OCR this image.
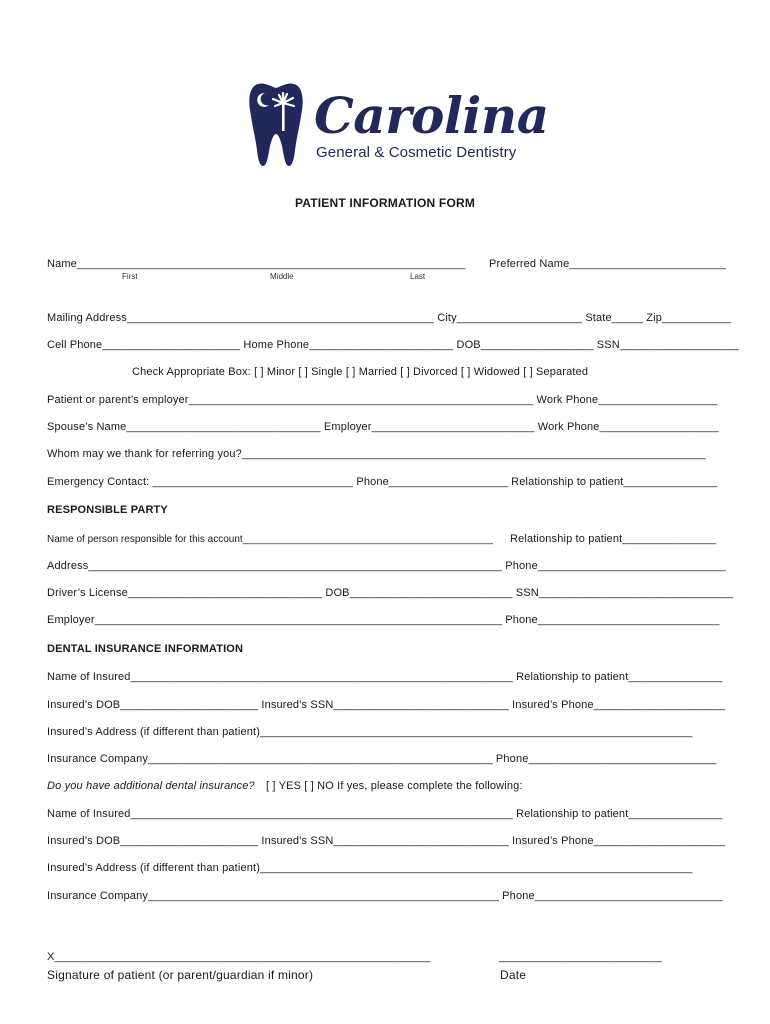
Carolina
General & Cosmetic Dentistry
PATIENT INFORMATION FORM
Name______________________________________________________________ Preferred Name_________________________
First	Middle	Last
Mailing Address_________________________________________________ City____________________ State_____ Zip___________
Cell Phone______________________ Home Phone_______________________ DOB__________________ SSN___________________
Check Appropriate Box: [ ] Minor [ ] Single [ ] Married [ ] Divorced [ ] Widowed [ ] Separated
Patient or parent’s employer_______________________________________________________ Work Phone___________________
Spouse’s Name_______________________________ Employer__________________________ Work Phone___________________
Whom may we thank for referring you?__________________________________________________________________________
Emergency Contact: ________________________________ Phone___________________ Relationship to patient_______________
RESPONSIBLE PARTY
Name of person responsible for this account_____________________________________________ Relationship to patient_______________
Address__________________________________________________________________ Phone______________________________
Driver’s License_______________________________ DOB__________________________ SSN_______________________________
Employer_________________________________________________________________ Phone_____________________________
DENTAL INSURANCE INFORMATION
Name of Insured_____________________________________________________________ Relationship to patient_______________
Insured’s DOB______________________ Insured’s SSN____________________________ Insured’s Phone_____________________
Insured’s Address (if different than patient)_____________________________________________________________________
Insurance Company_______________________________________________________ Phone______________________________
Do you have additional dental insurance? [ ] YES [ ] NO If yes, please complete the following:
Name of Insured_____________________________________________________________ Relationship to patient_______________
Insured’s DOB______________________ Insured’s SSN____________________________ Insured’s Phone_____________________
Insured’s Address (if different than patient)_____________________________________________________________________
Insurance Company________________________________________________________ Phone______________________________
X____________________________________________________________
Signature of patient (or parent/guardian if minor)
__________________________
Date
